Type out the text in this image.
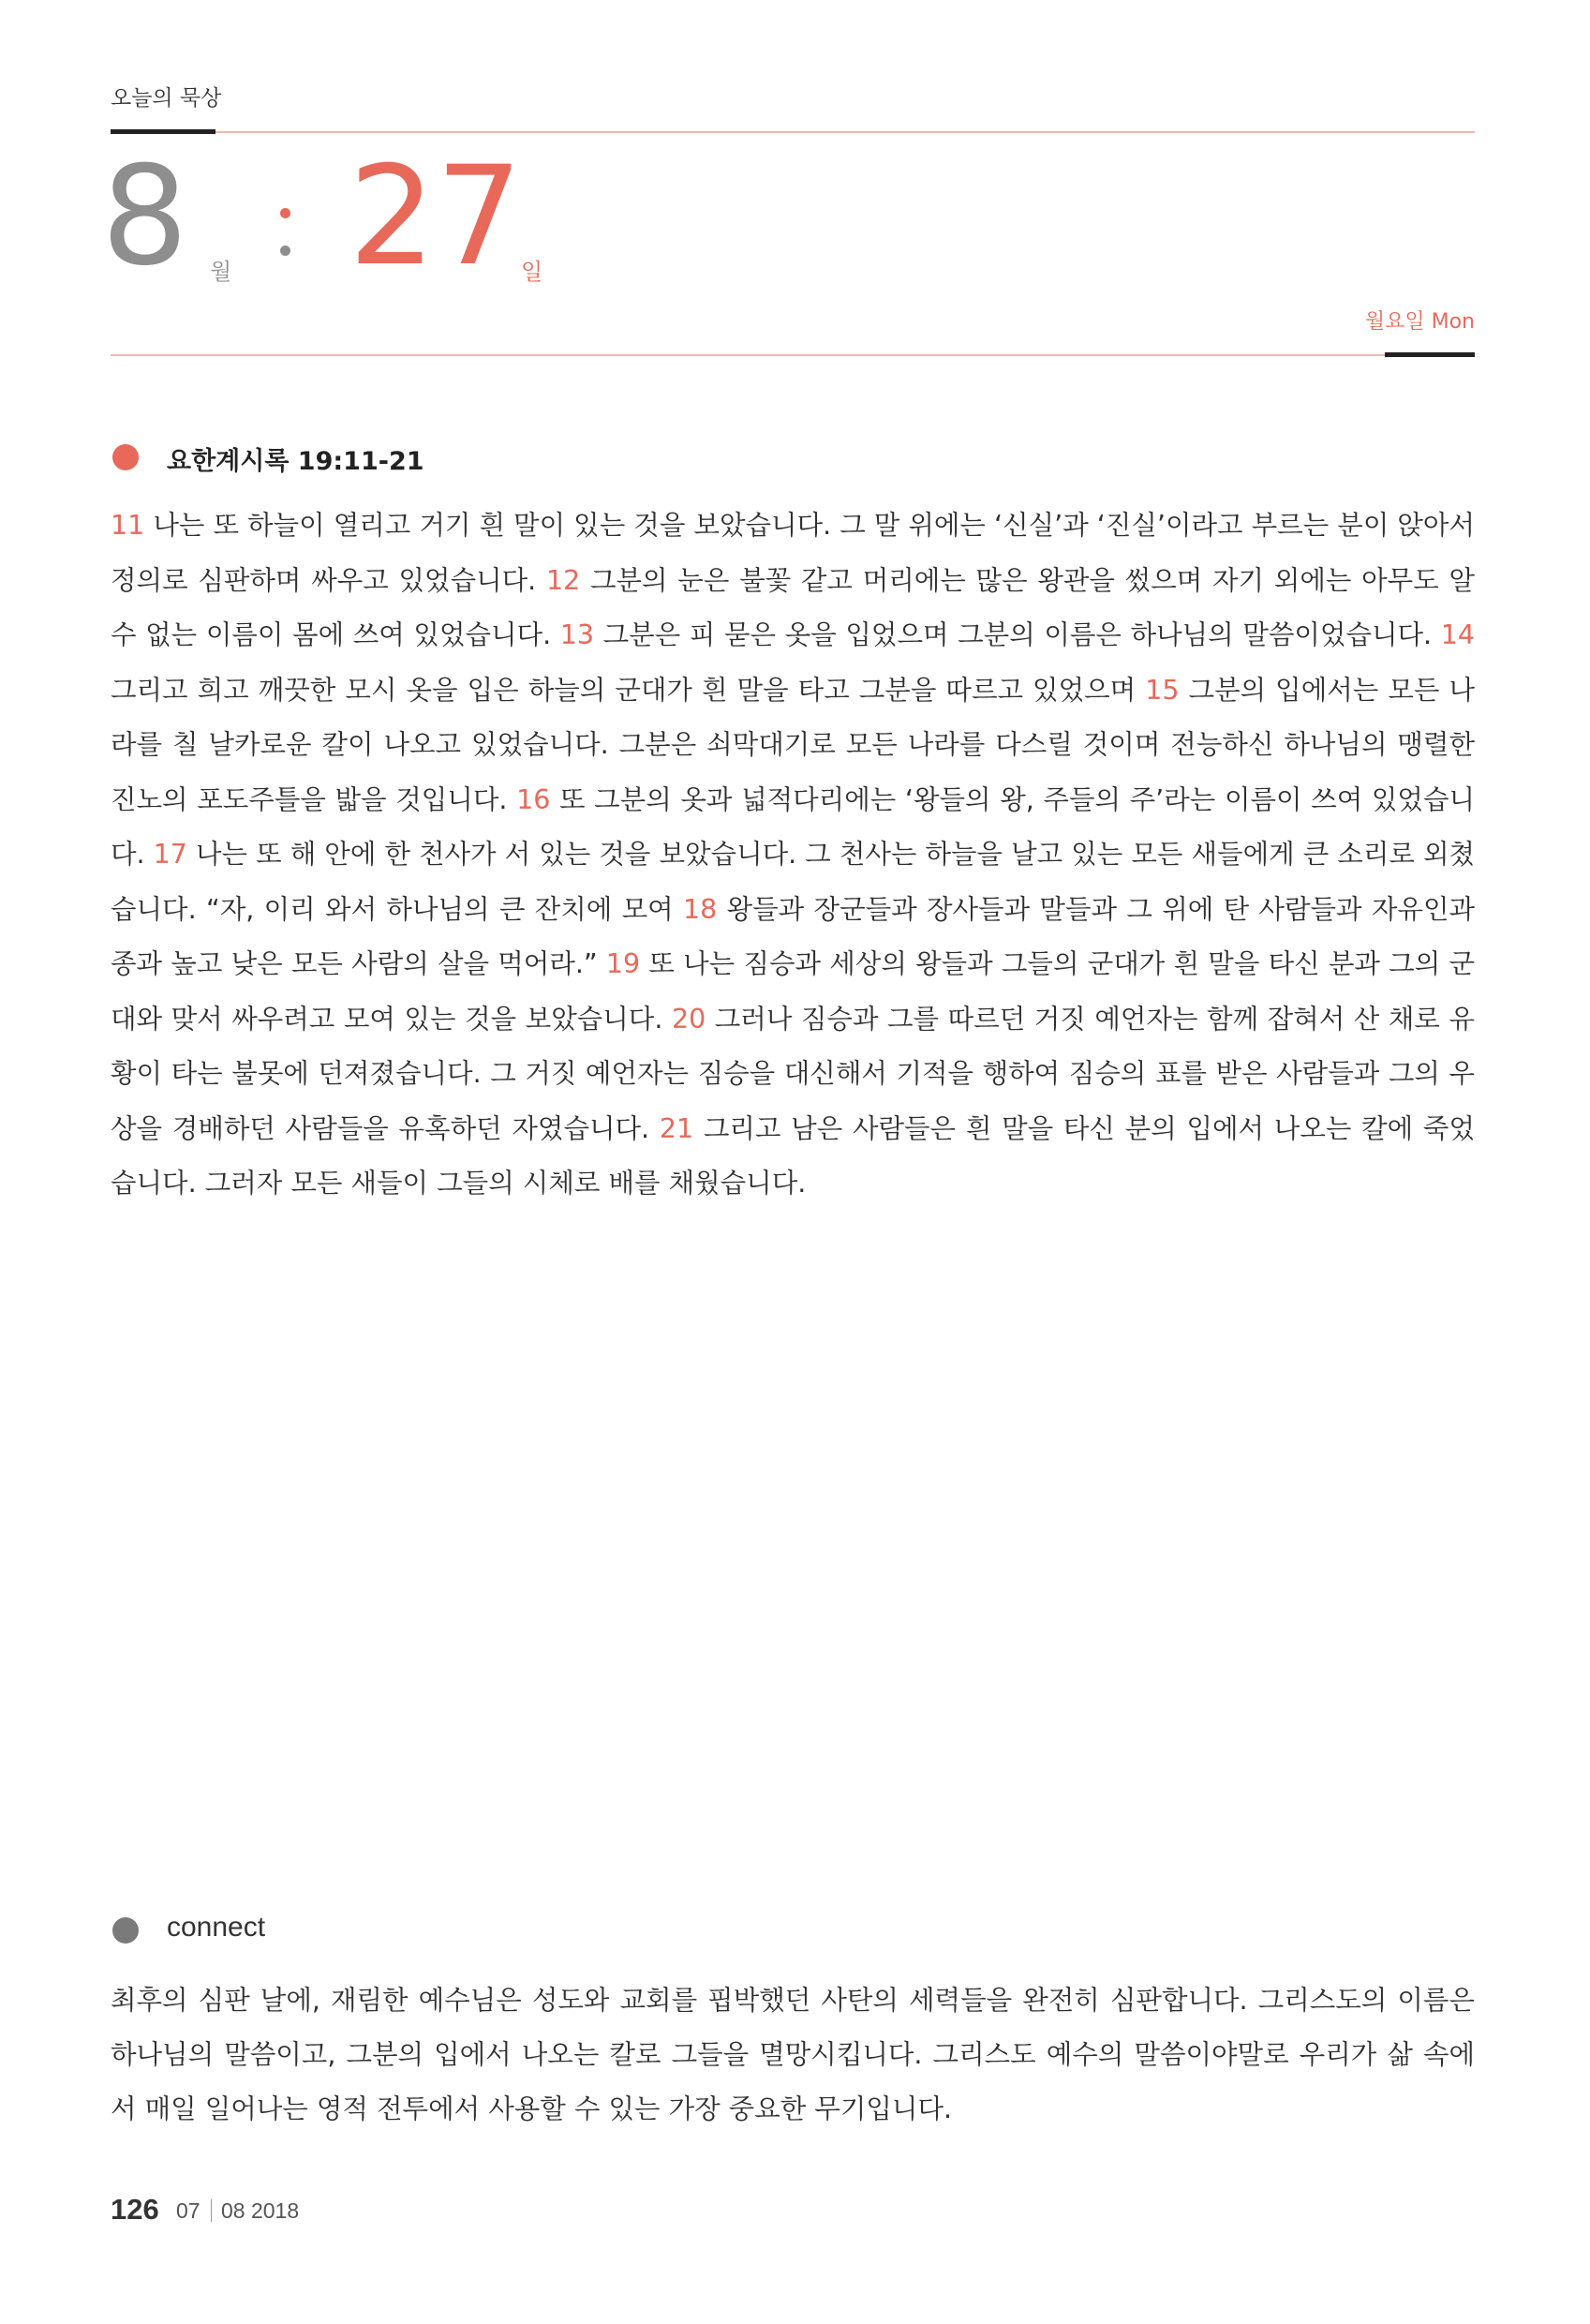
오늘의 묵상
8 월 27
일
월요일 Mon
요한계시록 19:11-21

11 나는 또 하늘이 열리고 거기 흰 말이 있는 것을 보았습니다. 그 말 위에는 ‘신실’과 ‘진실’이라고 부르는 분이 앉아서 정의로 심판하며 싸우고 있었습니다. 12 그분의 눈은 불꽃 같고 머리에는 많은 왕관을 썼으며 자기 외에는 아무도 알 수 없는 이름이 몸에 쓰여 있었습니다. 13 그분은 피 묻은 옷을 입었으며 그분의 이름은 하나님의 말씀이었습니다. 14 그리고 희고 깨끗한 모시 옷을 입은 하늘의 군대가 흰 말을 타고 그분을 따르고 있었으며 15 그분의 입에서는 모든 나라를 칠 날카로운 칼이 나오고 있었습니다. 그분은 쇠막대기로 모든 나라를 다스릴 것이며 전능하신 하나님의 맹렬한 진노의 포도주틀을 밟을 것입니다. 16 또 그분의 옷과 넓적다리에는 ‘왕들의 왕, 주들의 주’라는 이름이 쓰여 있었습니다. 17 나는 또 해 안에 한 천사가 서 있는 것을 보았습니다. 그 천사는 하늘을 날고 있는 모든 새들에게 큰 소리로 외쳤습니다. “자, 이리 와서 하나님의 큰 잔치에 모여 18 왕들과 장군들과 장사들과 말들과 그 위에 탄 사람들과 자유인과 종과 높고 낮은 모든 사람의 살을 먹어라.” 19 또 나는 짐승과 세상의 왕들과 그들의 군대가 흰 말을 타신 분과 그의 군대와 맞서 싸우려고 모여 있는 것을 보았습니다. 20 그러나 짐승과 그를 따르던 거짓 예언자는 함께 잡혀서 산 채로 유황이 타는 불못에 던져졌습니다. 그 거짓 예언자는 짐승을 대신해서 기적을 행하여 짐승의 표를 받은 사람들과 그의 우상을 경배하던 사람들을 유혹하던 자였습니다. 21 그리고 남은 사람들은 흰 말을 타신 분의 입에서 나오는 칼에 죽었습니다. 그러자 모든 새들이 그들의 시체로 배를 채웠습니다.

connect

최후의 심판 날에, 재림한 예수님은 성도와 교회를 핍박했던 사탄의 세력들을 완전히 심판합니다. 그리스도의 이름은 하나님의 말씀이고, 그분의 입에서 나오는 칼로 그들을 멸망시킵니다. 그리스도 예수의 말씀이야말로 우리가 삶 속에서 매일 일어나는 영적 전투에서 사용할 수 있는 가장 중요한 무기입니다.

126 07 08 2018
